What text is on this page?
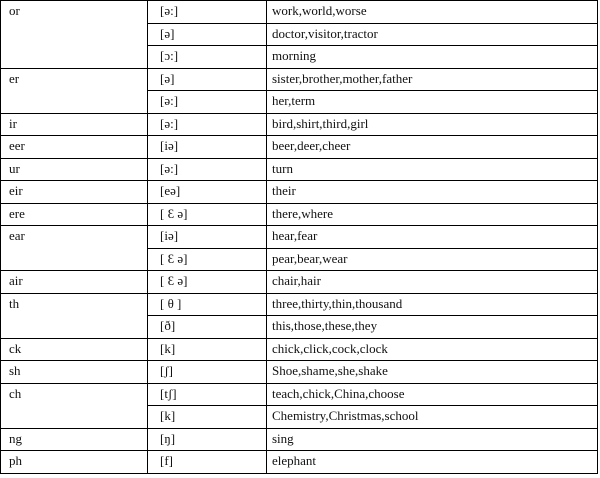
or	[ə:]	work,world,worse
	[ə]	doctor,visitor,tractor
	[ɔ:]	morning
er	[ə]	sister,brother,mother,father
	[ə:]	her,term
ir	[ə:]	bird,shirt,third,girl
eer	[iə]	beer,deer,cheer
ur	[ə:]	turn
eir	[eə]	their
ere	[ Ɛ ə]	there,where
ear	[iə]	hear,fear
	[ Ɛ ə]	pear,bear,wear
air	[ Ɛ ə]	chair,hair
th	[ θ ]	three,thirty,thin,thousand
	[ð]	this,those,these,they
ck	[k]	chick,click,cock,clock
sh	[ʃ]	Shoe,shame,she,shake
ch	[tʃ]	teach,chick,China,choose
	[k]	Chemistry,Christmas,school
ng	[ŋ]	sing
ph	[f]	elephant
